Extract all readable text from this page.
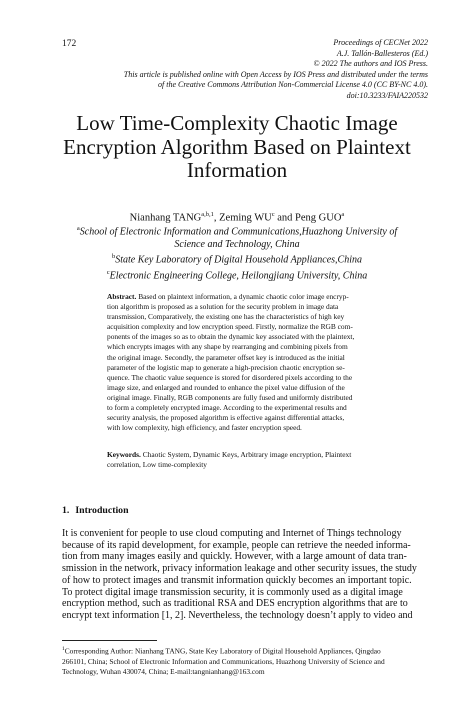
172	Proceedings of CECNet 2022
A.J. Tallón-Ballesteros (Ed.)
© 2022 The authors and IOS Press.
This article is published online with Open Access by IOS Press and distributed under the terms
of the Creative Commons Attribution Non-Commercial License 4.0 (CC BY-NC 4.0).
doi:10.3233/FAIA220532
Low Time-Complexity Chaotic Image
Encryption Algorithm Based on Plaintext
Information
Nianhang TANG$^{a,b,1}$, Zeming $WU^c$ and Peng GUO$^a$
$^a$School of Electronic Information and Communications,Huazhong University of
Science and Technology, China
$^b$State Key Laboratory of Digital Household Appliances,China
$^c$Electronic Engineering College, Heilongjiang University, China
Abstract. Based on plaintext information, a dynamic chaotic color image encryp-
tion algorithm is proposed as a solution for the security problem in image data
transmission, Comparatively, the existing one has the characteristics of high key
acquisition complexity and low encryption speed. Firstly, normalize the RGB com-
ponents of the images so as to obtain the dynamic key associated with the plaintext,
which encrypts images with any shape by rearranging and combining pixels from
the original image. Secondly, the parameter offset key is introduced as the initial
parameter of the logistic map to generate a high-precision chaotic encryption se-
quence. The chaotic value sequence is stored for disordered pixels according to the
image size, and enlarged and rounded to enhance the pixel value diffusion of the
original image. Finally, RGB components are fully fused and uniformly distributed
to form a completely encrypted image. According to the experimental results and
security analysis, the proposed algorithm is effective against differential attacks,
with low complexity, high efficiency, and faster encryption speed.
Keywords. Chaotic System, Dynamic Keys, Arbitrary image encryption, Plaintext
correlation, Low time-complexity
1. Introduction
It is convenient for people to use cloud computing and Internet of Things technology
because of its rapid development, for example, people can retrieve the needed informa-
tion from many images easily and quickly. However, with a large amount of data tran-
smission in the network, privacy information leakage and other security issues, the study
of how to protect images and transmit information quickly becomes an important topic.
To protect digital image transmission security, it is commonly used as a digital image
encryption method, such as traditional RSA and DES encryption algorithms that are to
encrypt text information [1, 2]. Nevertheless, the technology doesn’t apply to video and
$^1$Corresponding Author: Nianhang TANG, State Key Laboratory of Digital Household Appliances, Qingdao
266101, China; School of Electronic Information and Communications, Huazhong University of Science and
Technology, Wuhan 430074, China; E-mail:tangnianhang@163.com
